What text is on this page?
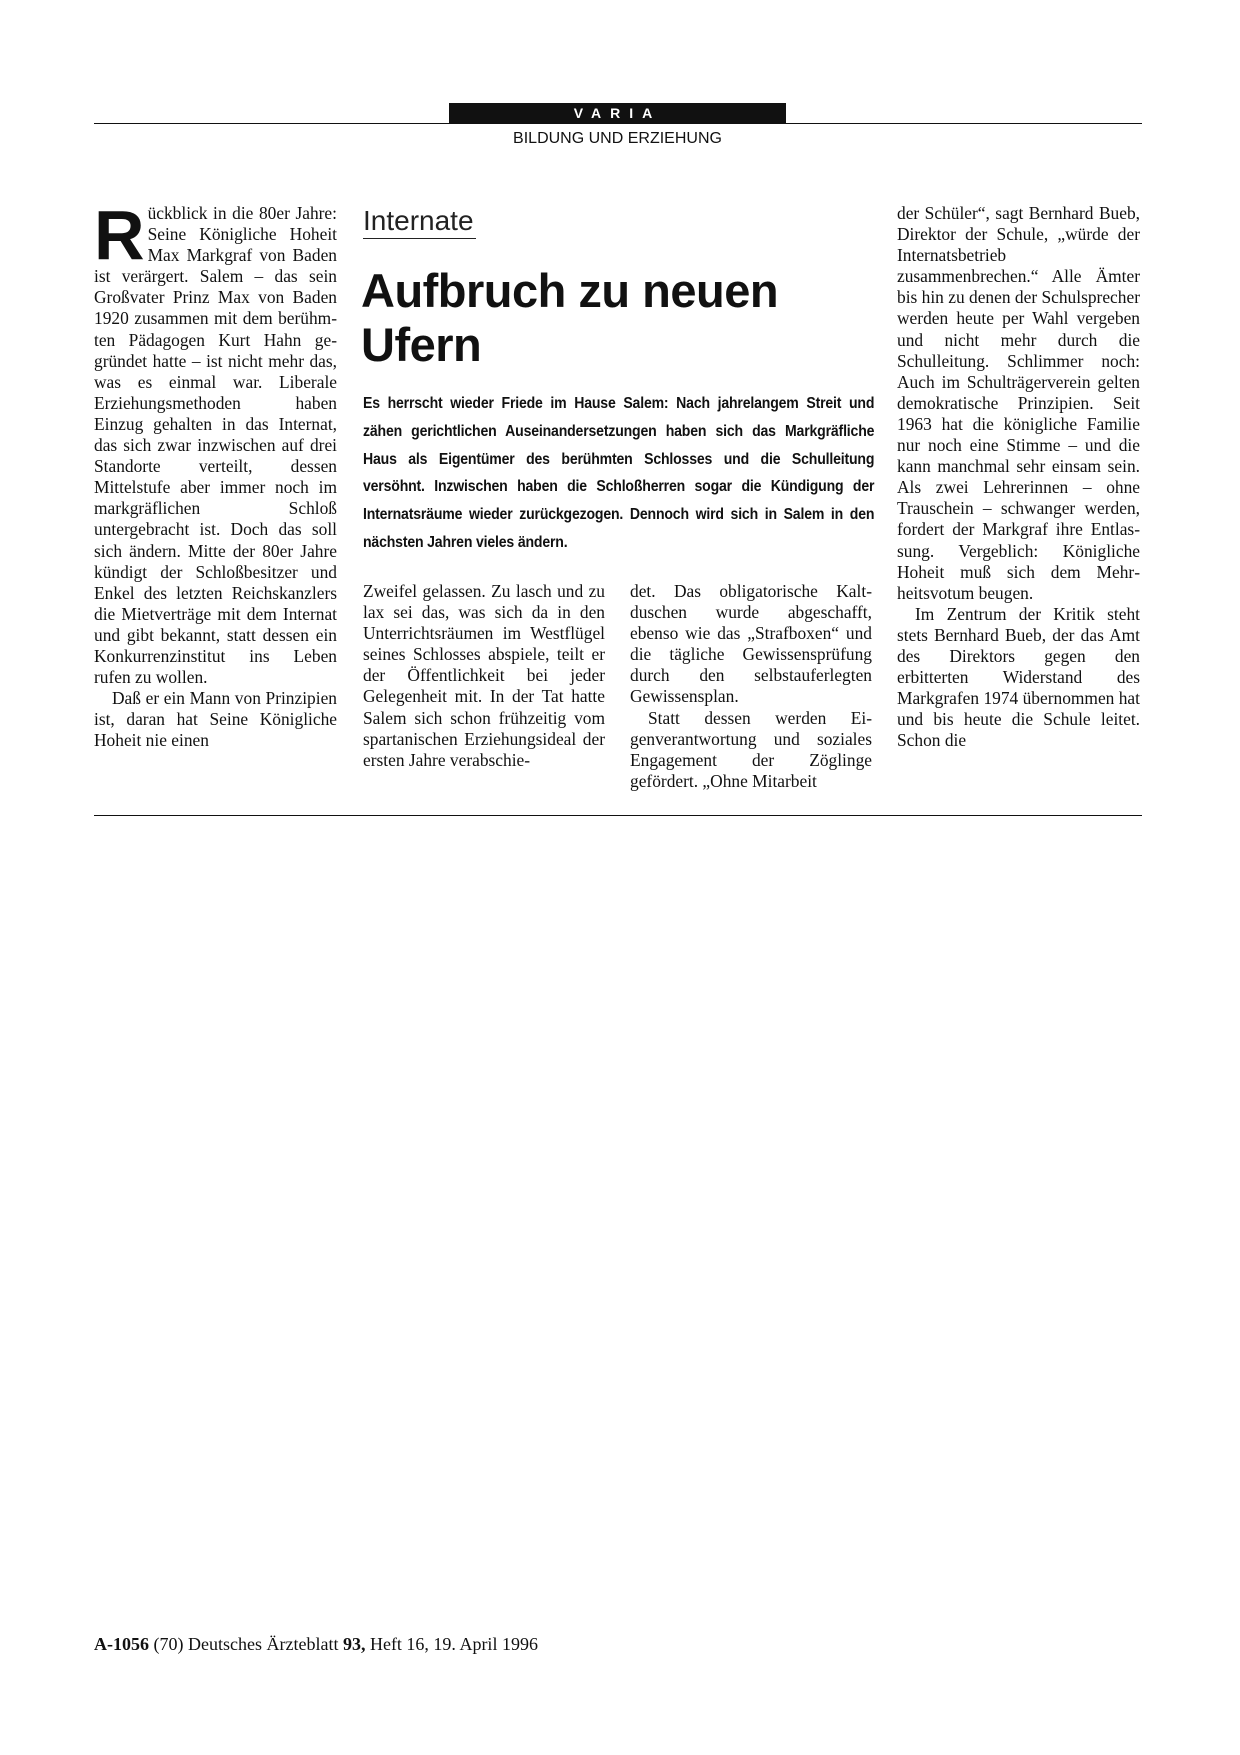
VARIA
BILDUNG UND ERZIEHUNG
R ückblick in die 80er Jahre: Seine Königliche Hoheit Max Markgraf von Baden ist verärgert. Salem – das sein Großvater Prinz Max von Baden 1920 zusammen mit dem berühmten Pädagogen Kurt Hahn gegründet hatte – ist nicht mehr das, was es einmal war. Liberale Erziehungsmethoden haben Einzug gehalten in das Internat, das sich zwar inzwischen auf drei Standorte verteilt, dessen Mittelstufe aber immer noch im markgräflichen Schloß untergebracht ist. Doch das soll sich ändern. Mitte der 80er Jahre kündigt der Schloßbesitzer und Enkel des letzten Reichskanzlers die Mietverträge mit dem Internat und gibt bekannt, statt dessen ein Konkurrenzinstitut ins Leben rufen zu wollen.

Daß er ein Mann von Prinzipien ist, daran hat Seine Königliche Hoheit nie einen

Internate
Aufbruch zu neuen Ufern
Es herrscht wieder Friede im Hause Salem: Nach jahrelangem Streit und zähen gerichtlichen Auseinandersetzungen haben sich das Markgräfliche Haus als Eigentümer des berühmten Schlosses und die Schulleitung versöhnt. Inzwischen haben die Schloßherren sogar die Kündigung der Internatsräume wieder zurückgezogen. Dennoch wird sich in Salem in den nächsten Jahren vieles ändern.

Zweifel gelassen. Zu lasch und zu lax sei das, was sich da in den Unterrichtsräumen im Westflügel seines Schlosses abspiele, teilt er der Öffentlichkeit bei jeder Gelegenheit mit. In der Tat hatte Salem sich schon frühzeitig vom spartanischen Erziehungsideal der ersten Jahre verabschie-

det. Das obligatorische Kaltduschen wurde abgeschafft, ebenso wie das „Strafboxen“ und die tägliche Gewissensprüfung durch den selbstauferlegten Gewissensplan.

Statt dessen werden Eigenverantwortung und soziales Engagement der Zöglinge gefördert. „Ohne Mitarbeit

der Schüler“, sagt Bernhard Bueb, Direktor der Schule, „würde der Internatsbetrieb zusammenbrechen.“ Alle Ämter bis hin zu denen der Schulsprecher werden heute per Wahl vergeben und nicht mehr durch die Schulleitung. Schlimmer noch: Auch im Schulträgerverein gelten demokratische Prinzipien. Seit 1963 hat die königliche Familie nur noch eine Stimme – und die kann manchmal sehr einsam sein. Als zwei Lehrerinnen – ohne Trauschein – schwanger werden, fordert der Markgraf ihre Entlassung. Vergeblich: Königliche Hoheit muß sich dem Mehrheitsvotum beugen.

Im Zentrum der Kritik steht stets Bernhard Bueb, der das Amt des Direktors gegen den erbitterten Widerstand des Markgrafen 1974 übernommen hat und bis heute die Schule leitet. Schon die

A-1056 (70) Deutsches Ärzteblatt 93, Heft 16, 19. April 1996
